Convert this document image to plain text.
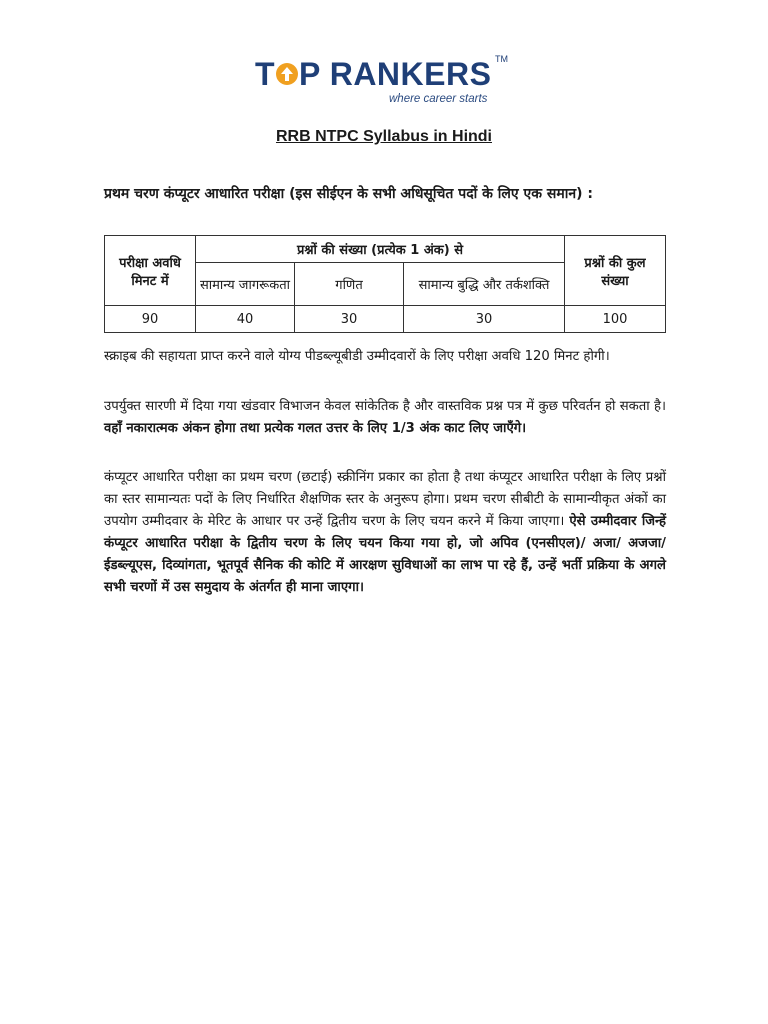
T P RANKERS TM
where career starts
RRB NTPC Syllabus in Hindi
प्रथम चरण कंप्यूटर आधारित परीक्षा (इस सीईएन के सभी अधिसूचित पदों के लिए एक समान) :
परीक्षा अवधि मिनट में	प्रश्नों की संख्या (प्रत्येक 1 अंक) से			प्रश्नों की कुल संख्या
	सामान्य जागरूकता	गणित	सामान्य बुद्धि और तर्कशक्ति	
90	40	30	30	100
स्क्राइब की सहायता प्राप्त करने वाले योग्य पीडब्ल्यूबीडी उम्मीदवारों के लिए परीक्षा अवधि 120 मिनट होगी।
उपर्युक्त सारणी में दिया गया खंडवार विभाजन केवल सांकेतिक है और वास्तविक प्रश्न पत्र में कुछ परिवर्तन हो सकता है। वहाँ नकारात्मक अंकन होगा तथा प्रत्येक गलत उत्तर के लिए 1/3 अंक काट लिए जाएँगे।
कंप्यूटर आधारित परीक्षा का प्रथम चरण (छटाई) स्क्रीनिंग प्रकार का होता है तथा कंप्यूटर आधारित परीक्षा के लिए प्रश्नों का स्तर सामान्यतः पदों के लिए निर्धारित शैक्षणिक स्तर के अनुरूप होगा। प्रथम चरण सीबीटी के सामान्यीकृत अंकों का उपयोग उम्मीदवार के मेरिट के आधार पर उन्हें द्वितीय चरण के लिए चयन करने में किया जाएगा। ऐसे उम्मीदवार जिन्हें कंप्यूटर आधारित परीक्षा के द्वितीय चरण के लिए चयन किया गया हो, जो अपिव (एनसीएल)/ अजा/ अजजा/ईडब्ल्यूएस, दिव्यांगता, भूतपूर्व सैनिक की कोटि में आरक्षण सुविधाओं का लाभ पा रहे हैं, उन्हें भर्ती प्रक्रिया के अगले सभी चरणों में उस समुदाय के अंतर्गत ही माना जाएगा।
